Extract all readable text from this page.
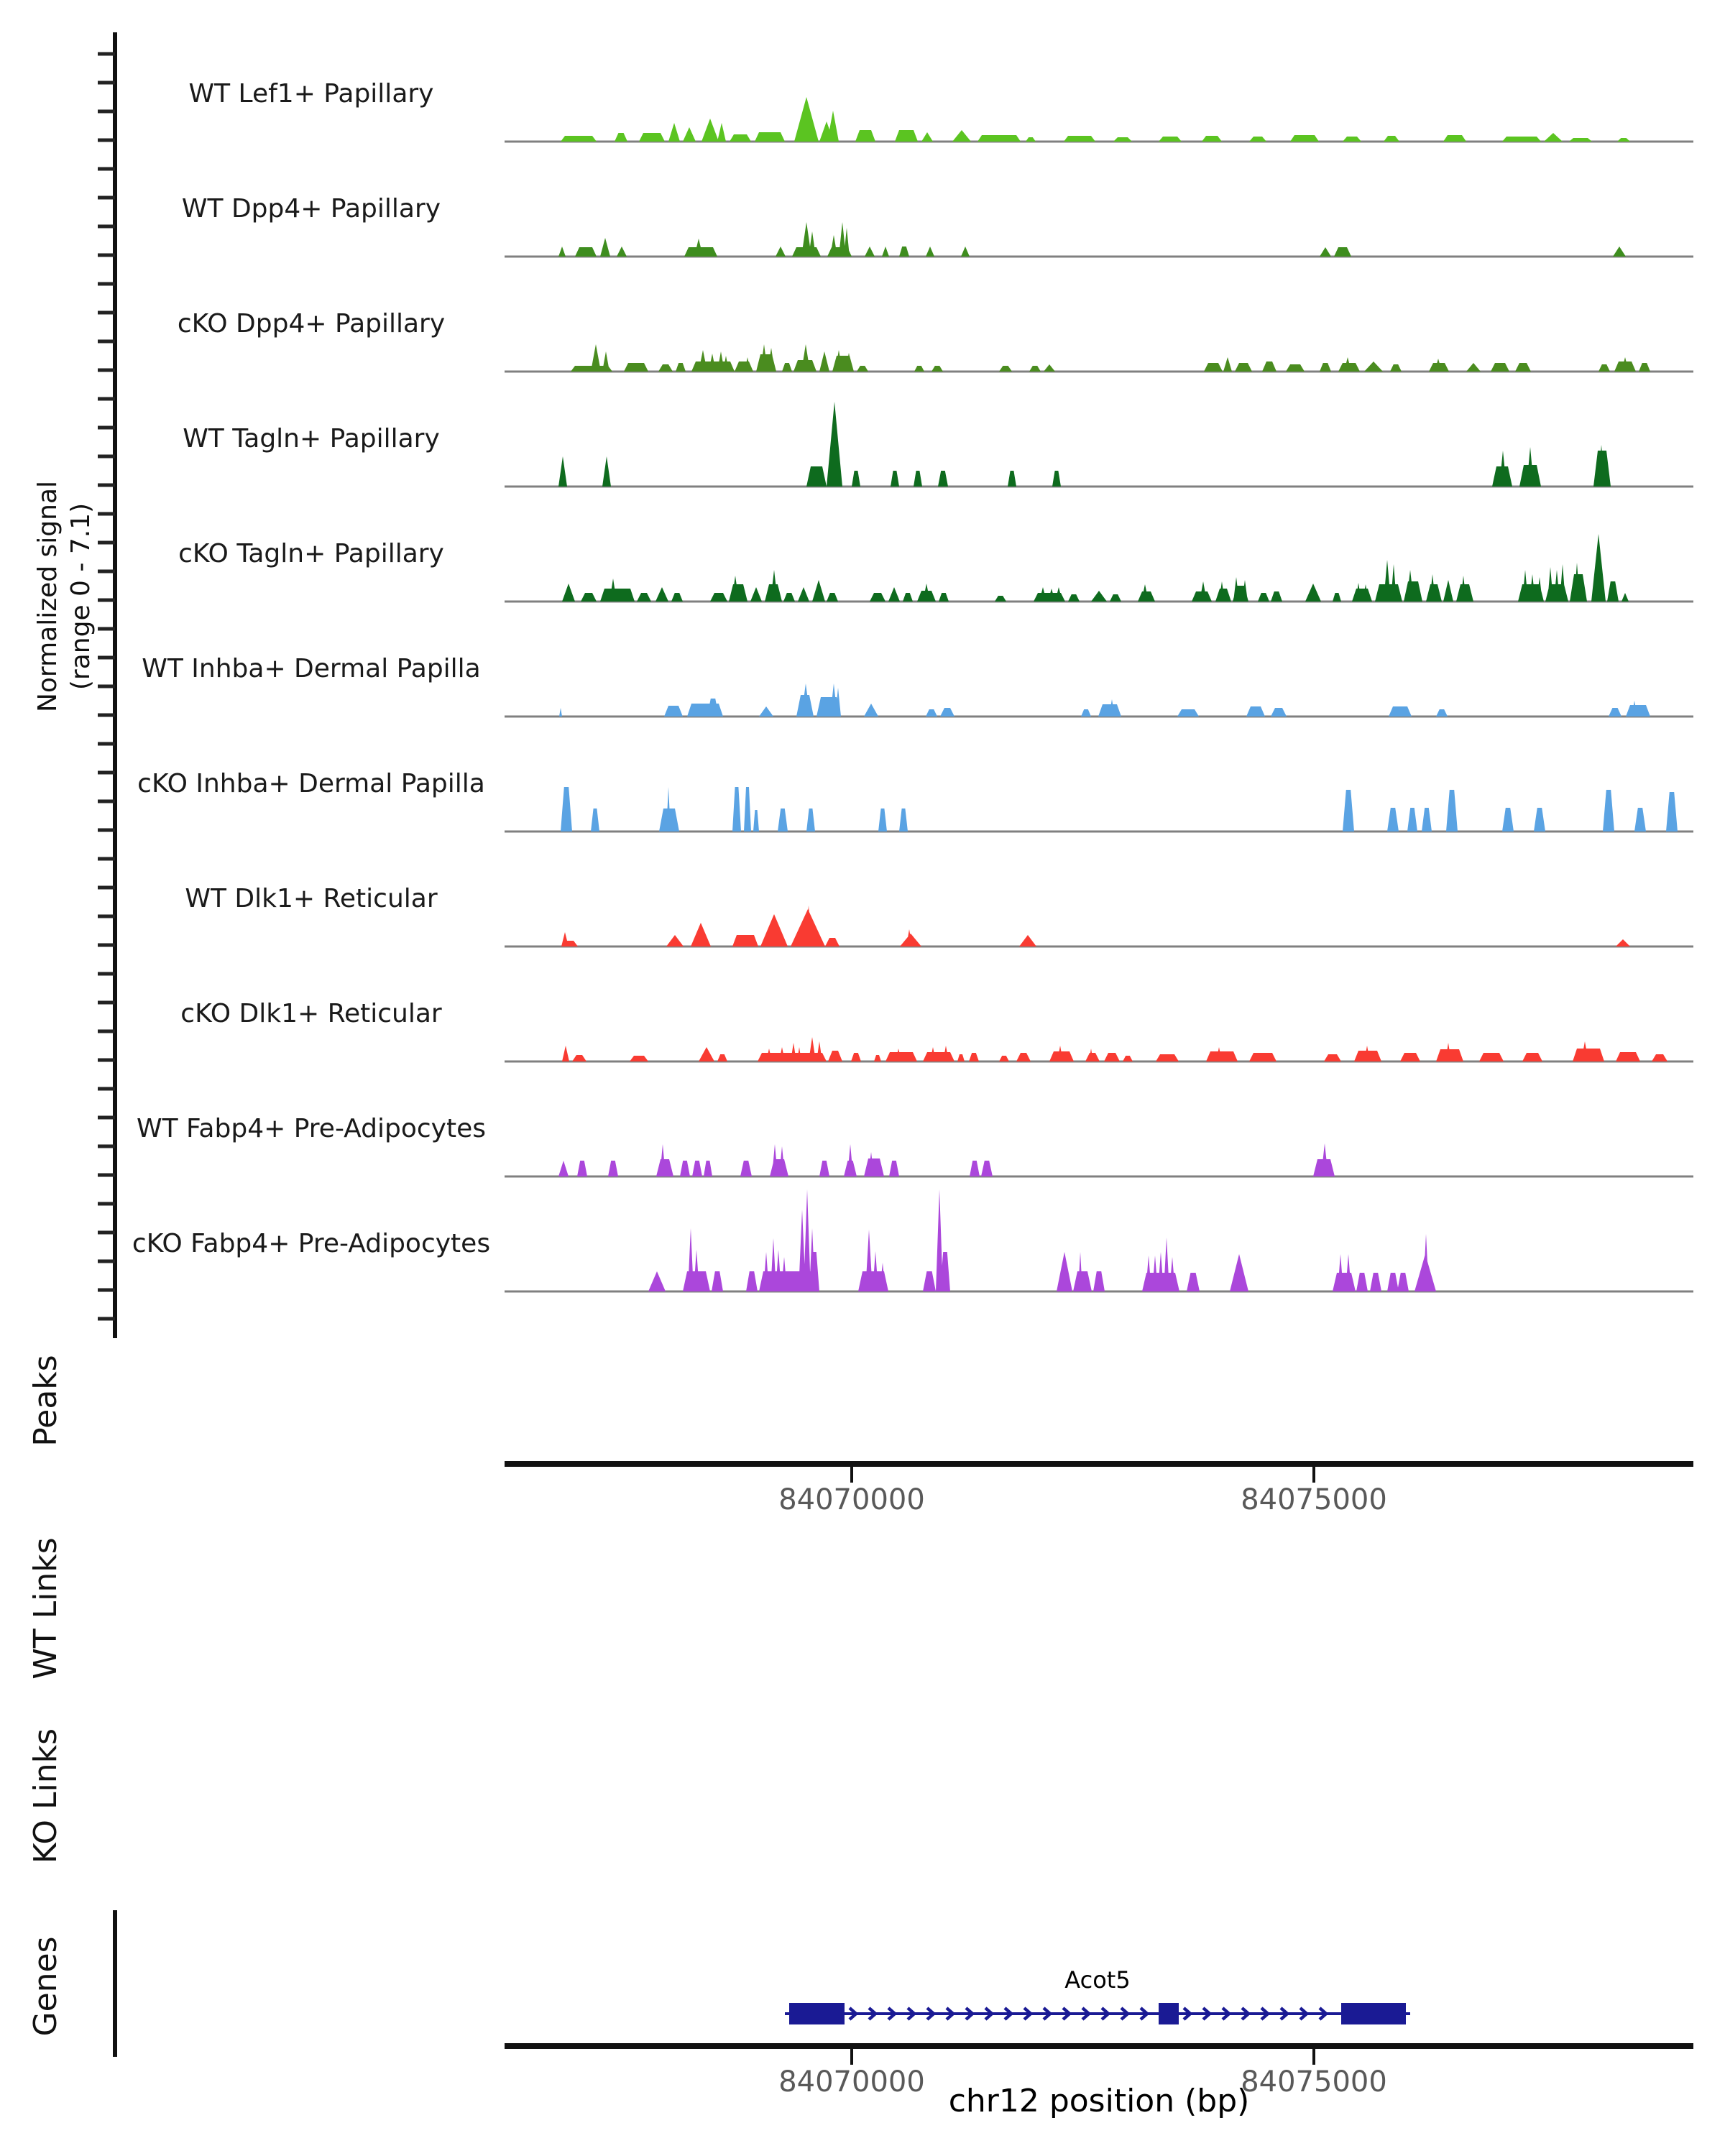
Normalized signal (range 0 - 7.1)
Peaks
WT Links
KO Links
Genes
WT Lef1+ Papillary
WT Dpp4+ Papillary
cKO Dpp4+ Papillary
WT Tagln+ Papillary
cKO Tagln+ Papillary
WT Inhba+ Dermal Papilla
cKO Inhba+ Dermal Papilla
WT Dlk1+ Reticular
cKO Dlk1+ Reticular
WT Fabp4+ Pre-Adipocytes
cKO Fabp4+ Pre-Adipocytes
84070000	84075000
84070000	84075000
Acot5
chr12 position (bp)
